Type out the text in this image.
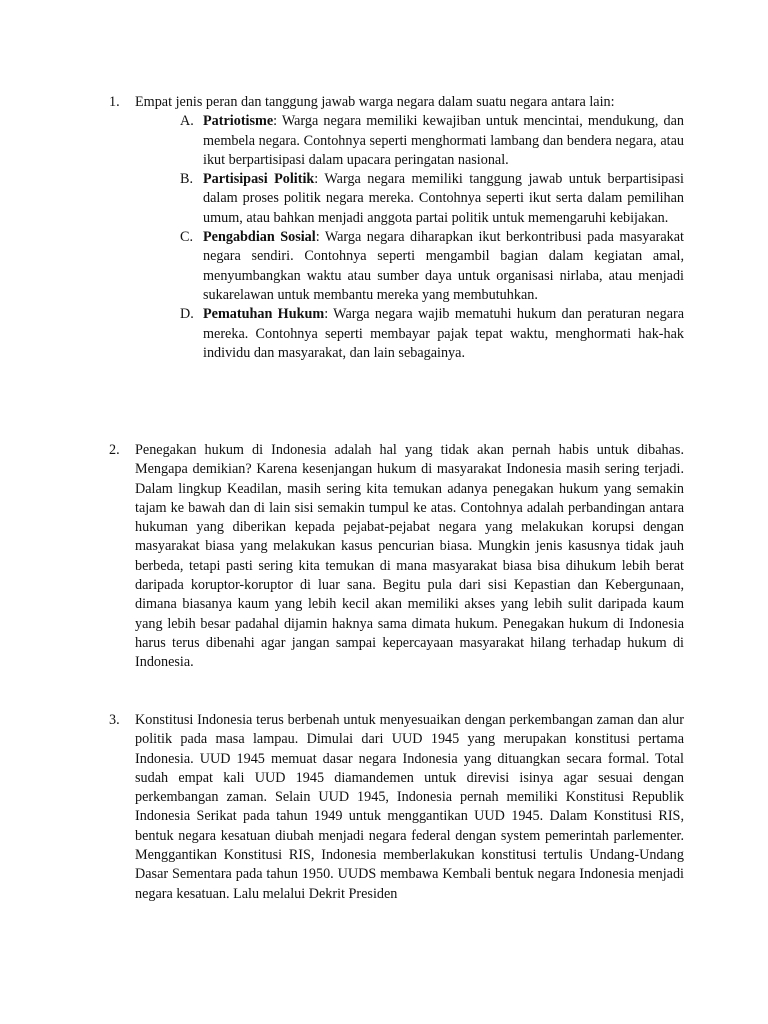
1.	Empat jenis peran dan tanggung jawab warga negara dalam suatu negara antara lain:

A. Patriotisme: Warga negara memiliki kewajiban untuk mencintai, mendukung, dan membela negara. Contohnya seperti menghormati lambang dan bendera negara, atau ikut berpartisipasi dalam upacara peringatan nasional.

B. Partisipasi Politik: Warga negara memiliki tanggung jawab untuk berpartisipasi dalam proses politik negara mereka. Contohnya seperti ikut serta dalam pemilihan umum, atau bahkan menjadi anggota partai politik untuk memengaruhi kebijakan.

C. Pengabdian Sosial: Warga negara diharapkan ikut berkontribusi pada masyarakat negara sendiri. Contohnya seperti mengambil bagian dalam kegiatan amal, menyumbangkan waktu atau sumber daya untuk organisasi nirlaba, atau menjadi sukarelawan untuk membantu mereka yang membutuhkan.

D. Pematuhan Hukum: Warga negara wajib mematuhi hukum dan peraturan negara mereka. Contohnya seperti membayar pajak tepat waktu, menghormati hak-hak individu dan masyarakat, dan lain sebagainya.

2.	Penegakan hukum di Indonesia adalah hal yang tidak akan pernah habis untuk dibahas. Mengapa demikian? Karena kesenjangan hukum di masyarakat Indonesia masih sering terjadi. Dalam lingkup Keadilan, masih sering kita temukan adanya penegakan hukum yang semakin tajam ke bawah dan di lain sisi semakin tumpul ke atas. Contohnya adalah perbandingan antara hukuman yang diberikan kepada pejabat-pejabat negara yang melakukan korupsi dengan masyarakat biasa yang melakukan kasus pencurian biasa. Mungkin jenis kasusnya tidak jauh berbeda, tetapi pasti sering kita temukan di mana masyarakat biasa bisa dihukum lebih berat daripada koruptor-koruptor di luar sana. Begitu pula dari sisi Kepastian dan Kebergunaan, dimana biasanya kaum yang lebih kecil akan memiliki akses yang lebih sulit daripada kaum yang lebih besar padahal dijamin haknya sama dimata hukum. Penegakan hukum di Indonesia harus terus dibenahi agar jangan sampai kepercayaan masyarakat hilang terhadap hukum di Indonesia.

3.	Konstitusi Indonesia terus berbenah untuk menyesuaikan dengan perkembangan zaman dan alur politik pada masa lampau. Dimulai dari UUD 1945 yang merupakan konstitusi pertama Indonesia. UUD 1945 memuat dasar negara Indonesia yang dituangkan secara formal. Total sudah empat kali UUD 1945 diamandemen untuk direvisi isinya agar sesuai dengan perkembangan zaman. Selain UUD 1945, Indonesia pernah memiliki Konstitusi Republik Indonesia Serikat pada tahun 1949 untuk menggantikan UUD 1945. Dalam Konstitusi RIS, bentuk negara kesatuan diubah menjadi negara federal dengan system pemerintah parlementer. Menggantikan Konstitusi RIS, Indonesia memberlakukan konstitusi tertulis Undang-Undang Dasar Sementara pada tahun 1950. UUDS membawa Kembali bentuk negara Indonesia menjadi negara kesatuan. Lalu melalui Dekrit Presiden
